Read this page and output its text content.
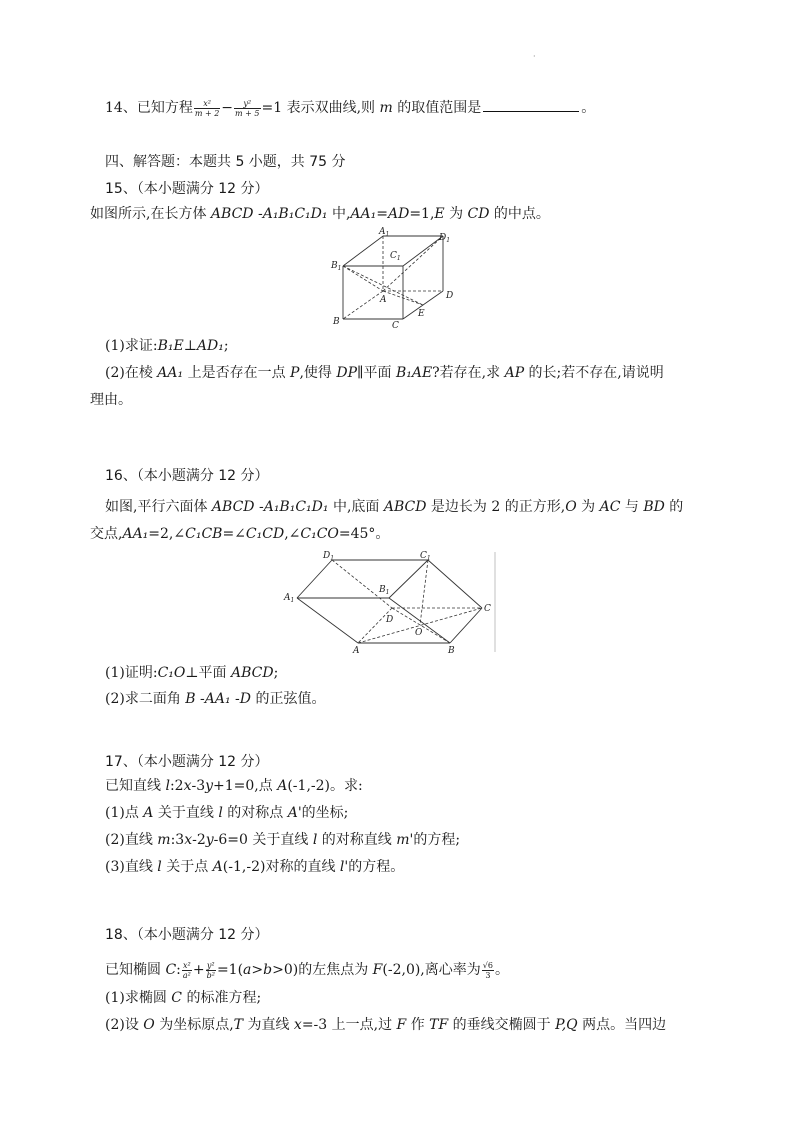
·
14、已知方程 $\frac{\text{x²}}{m + 2} - \frac{\text{y²}}{m + 5} =1$ 表示双曲线,则 m 的取值范围是	。
四、解答题：本题共 5 小题，共 75 分
15、（本小题满分 12 分）
如图所示,在长方体 ABCD -A₁B₁C₁D₁ 中,AA₁=AD=1,E 为 CD 的中点。
$A_1$	$D_1$
$B_1$
$C_1$
A
B	C
D
E
(1)求证:B₁E⊥AD₁;
(2)在棱 AA₁ 上是否存在一点 P,使得 DP∥平面 B₁AE?若存在,求 AP 的长;若不存在,请说明
理由。
16、（本小题满分 12 分）
如图,平行六面体 ABCD -A₁B₁C₁D₁ 中,底面 ABCD 是边长为 2 的正方形,O 为 AC 与 BD 的
交点,AA₁=2,∠C₁CB=∠C₁CD,∠C₁CO=45°。
$D_1$	$C_1$
$B_1$
$A_1$
D
O
C
A	B
(1)证明:C₁O⊥平面 ABCD;
(2)求二面角 B -AA₁ -D 的正弦值。
17、（本小题满分 12 分）
已知直线 l:2x-3y+1=0,点 A(-1,-2)。求:
(1)点 A 关于直线 l 的对称点 A'的坐标;
(2)直线 m:3x-2y-6=0 关于直线 l 的对称直线 m'的方程;
(3)直线 l 关于点 A(-1,-2)对称的直线 l'的方程。
18、（本小题满分 12 分）
已知椭圆 C: $\frac{\text{x²}}{\text{a²}} + \frac{\text{y²}}{\text{b²}} =1(a>b>0)$的左焦点为 F(-2,0),离心率为 $\frac{√6}{3}$ 。
(1)求椭圆 C 的标准方程;
(2)设 O 为坐标原点,T 为直线 x=-3 上一点,过 F 作 TF 的垂线交椭圆于 P,Q 两点。当四边
